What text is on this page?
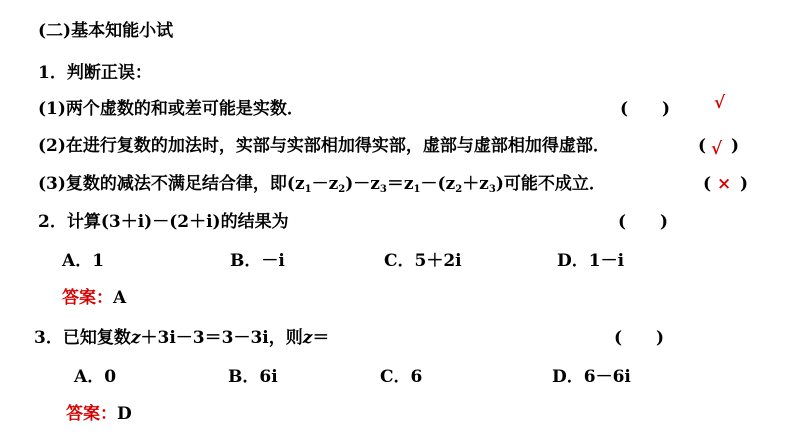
(二)基本知能小试
1．判断正误：
(1)两个虚数的和或差可能是实数．	(　　)	√
(2)在进行复数的加法时，实部与实部相加得实部，虚部与虚部相加得虚部．	( √ )
(3)复数的减法不满足结合律，即$(z_1-z_2)-z_3=z_1-(z_2+z_3)$可能不成立．	( × )
2．计算(3＋i)－(2＋i)的结果为	(　　)
A．1	B．－i	C．5＋2i	D．1－i
答案：A
3．已知复数z＋3i－3＝3－3i，则z＝	(　　)
A．0	B．6i	C．6	D．6－6i
答案：D
